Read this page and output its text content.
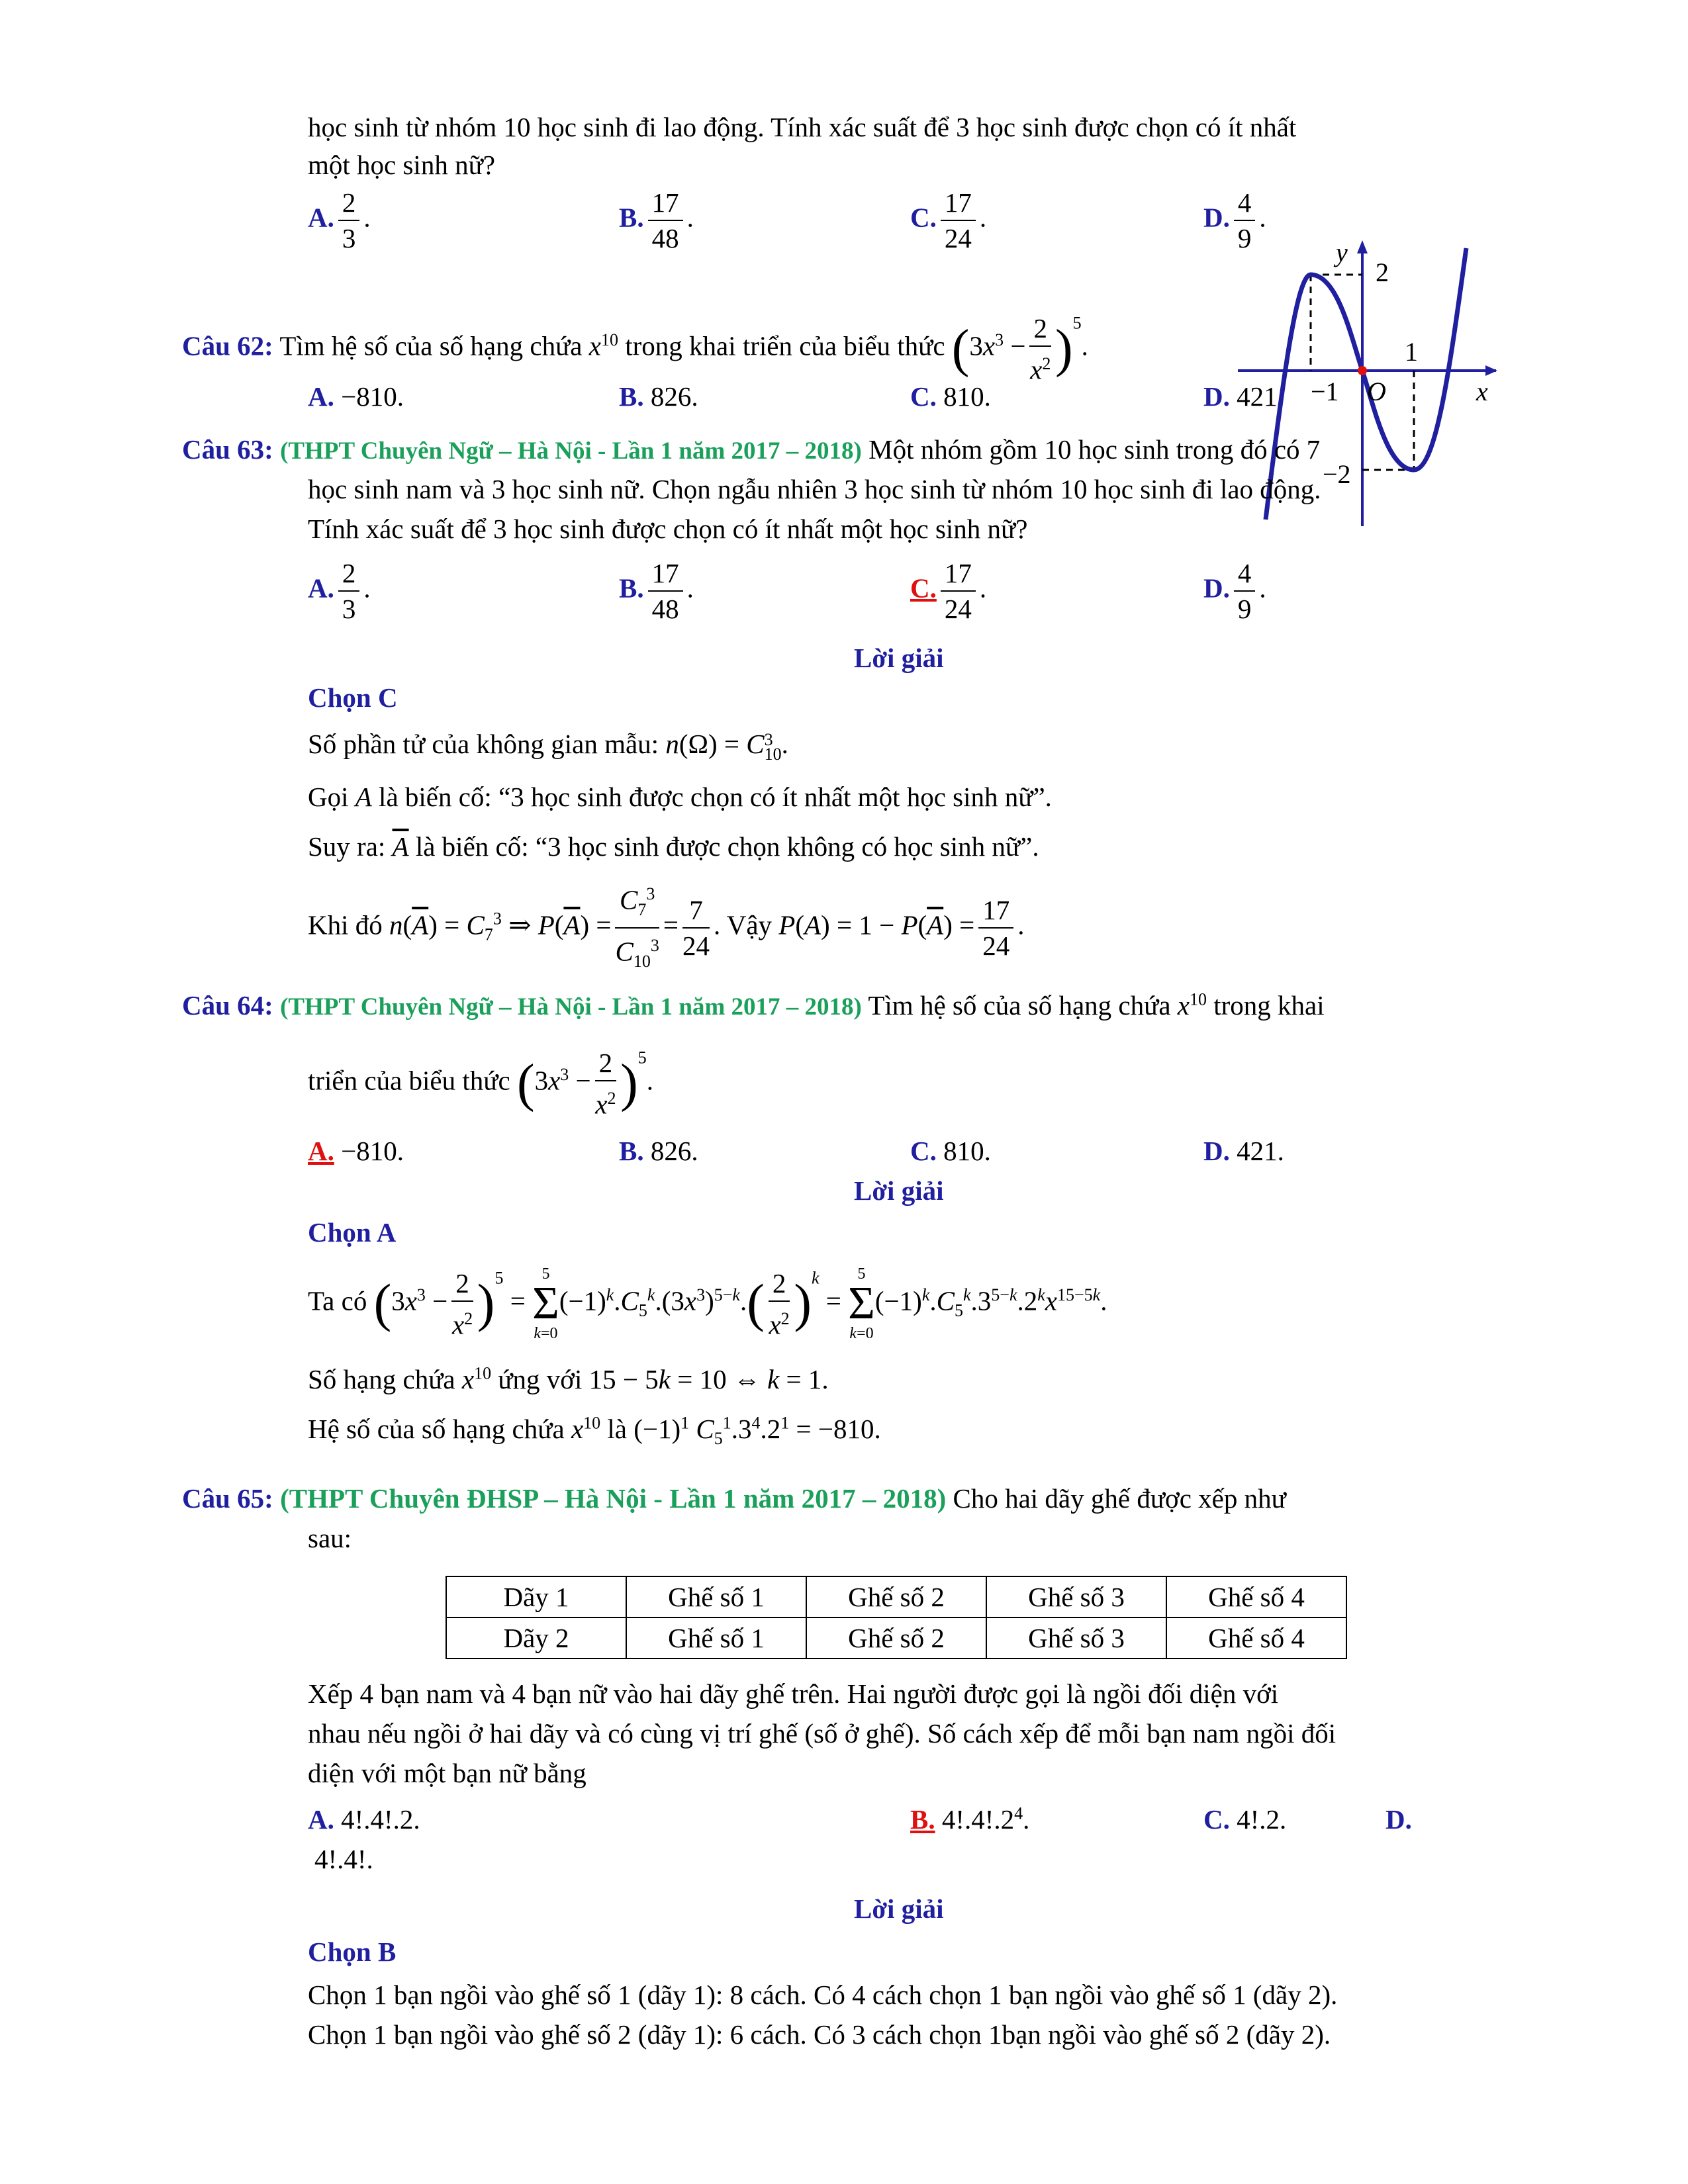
học sinh từ nhóm 10 học sinh đi lao động. Tính xác suất để 3 học sinh được chọn có ít nhất
một học sinh nữ?
A. $\frac{2}{3}$ .	B. $\frac{17}{48}$ .	C. $\frac{17}{24}$ .	D. $\frac{4}{9}$ .
Câu 62: Tìm hệ số của số hạng chứa $x^{10}$ trong khai triển của biểu thức $(3x^3 - \frac{2}{x^2} )^5$.
A. −810.	B. 826.	C. 810.	D. 421.
y
2
1
x
O
−1
−2
Câu 63: (THPT Chuyên Ngữ – Hà Nội - Lần 1 năm 2017 – 2018) Một nhóm gồm 10 học sinh trong đó có 7
học sinh nam và 3 học sinh nữ. Chọn ngẫu nhiên 3 học sinh từ nhóm 10 học sinh đi lao động.
Tính xác suất để 3 học sinh được chọn có ít nhất một học sinh nữ?
A. $\frac{2}{3}$ .	B. $\frac{17}{48}$ .	C. $\frac{17}{24}$ .	D. $\frac{4}{9}$ .
Lời giải
Chọn C
Số phần tử của không gian mẫu: n(Ω) = C 3
10 .
Gọi A là biến cố: “3 học sinh được chọn có ít nhất một học sinh nữ”.
Suy ra: $\overline{A}$ là biến cố: “3 học sinh được chọn không có học sinh nữ”.
Khi đó $n(\overline{A}) = C_7^3$ ⇒ $P(\overline{A}) = \frac{C_7^3}{C_{10}^3} = \frac{7}{24}$ . Vậy $P(A) = 1 - P(\overline{A}) = \frac{17}{24}$ .
Câu 64: (THPT Chuyên Ngữ – Hà Nội - Lần 1 năm 2017 – 2018) Tìm hệ số của số hạng chứa $x^{10}$ trong khai
triển của biểu thức $(3x^3 - \frac{2}{x^2} )^5$.
A. −810.	B. 826.	C. 810.	D. 421.
Lời giải
Chọn A
Ta có $(3x^3 - \frac{2}{x^2} )^5$ =
5
Σ
k=0
$(-1)^k.C_5^k.(3x^3)^{5-k}.( \frac{2}{x^2} )^k$ =
5
Σ
k=0
$(-1)^k.C_5^k.3^{5-k}.2^kx^{15-5k}$.
Số hạng chứa $x^{10}$ ứng với 15 − 5k = 10 ⇔ k = 1.
Hệ số của số hạng chứa $x^{10}$ là $(-1)^1$ $C_5^1.3^4.2^1 = -810$.
Câu 65: (THPT Chuyên ĐHSP – Hà Nội - Lần 1 năm 2017 – 2018) Cho hai dãy ghế được xếp như
sau:
Dãy 1	Ghế số 1	Ghế số 2	Ghế số 3	Ghế số 4
Dãy 2	Ghế số 1	Ghế số 2	Ghế số 3	Ghế số 4
Xếp 4 bạn nam và 4 bạn nữ vào hai dãy ghế trên. Hai người được gọi là ngồi đối diện với
nhau nếu ngồi ở hai dãy và có cùng vị trí ghế (số ở ghế). Số cách xếp để mỗi bạn nam ngồi đối
diện với một bạn nữ bằng
A. 4!.4!.2.	B. $4!.4!.2^4$.	C. 4!.2.	D.
4!.4!.
Lời giải
Chọn B
Chọn 1 bạn ngồi vào ghế số 1 (dãy 1): 8 cách. Có 4 cách chọn 1 bạn ngồi vào ghế số 1 (dãy 2).
Chọn 1 bạn ngồi vào ghế số 2 (dãy 1): 6 cách. Có 3 cách chọn 1bạn ngồi vào ghế số 2 (dãy 2).
